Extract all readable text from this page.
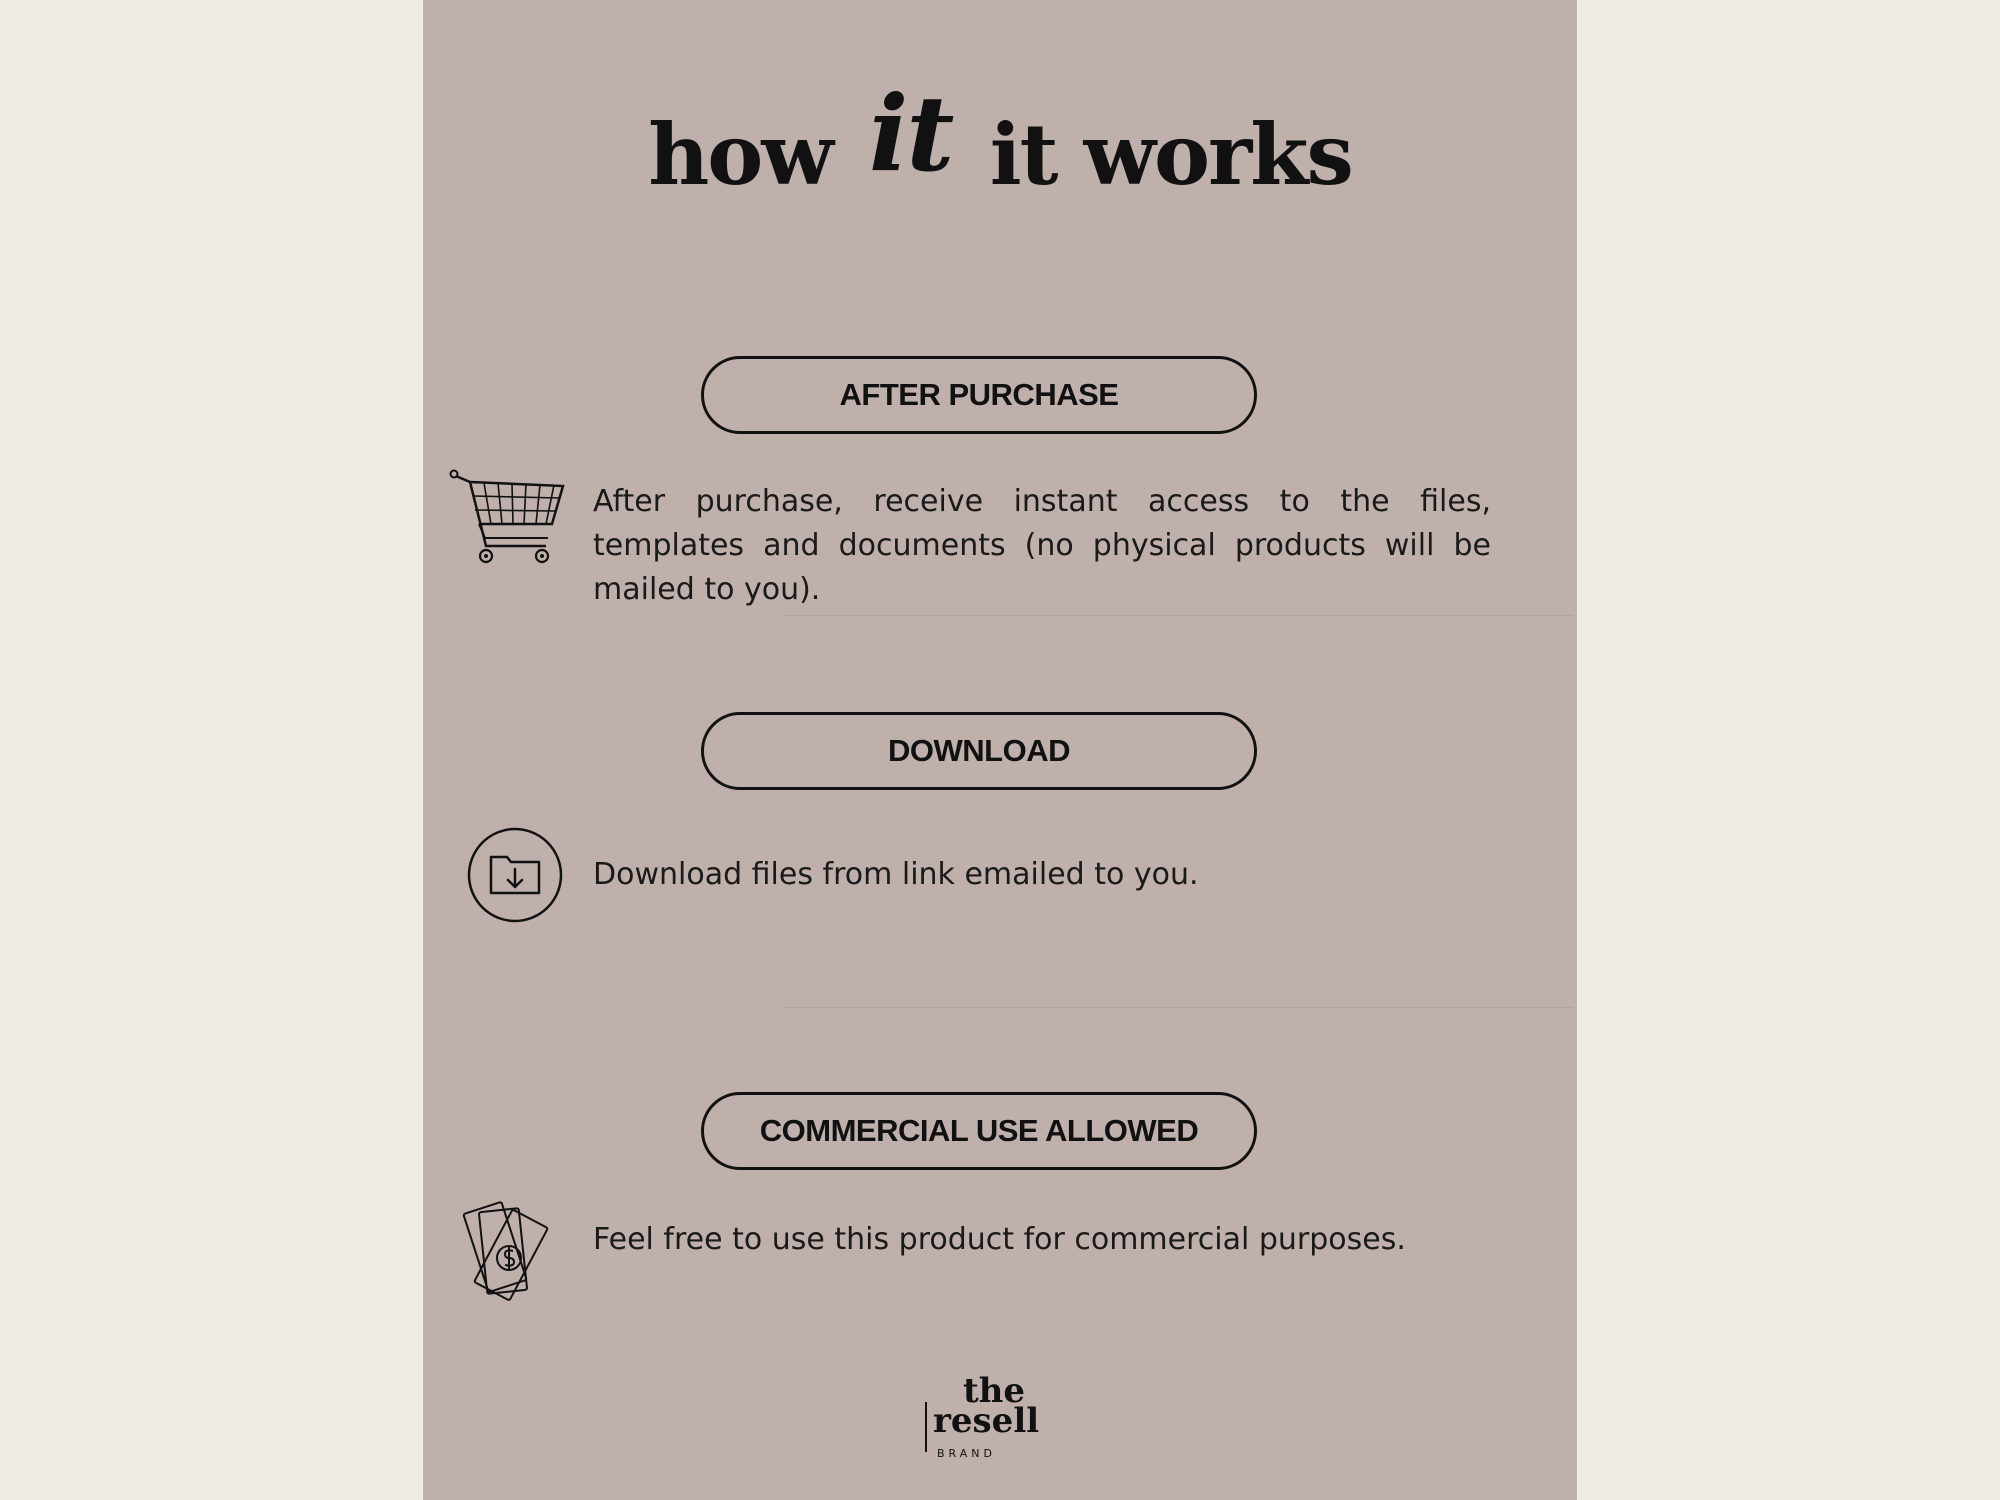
how it it works
AFTER PURCHASE
After purchase, receive instant access to the files, templates and documents (no physical products will be mailed to you).
DOWNLOAD
Download files from link emailed to you.
COMMERCIAL USE ALLOWED
Feel free to use this product for commercial purposes.
the
resell
BRAND
